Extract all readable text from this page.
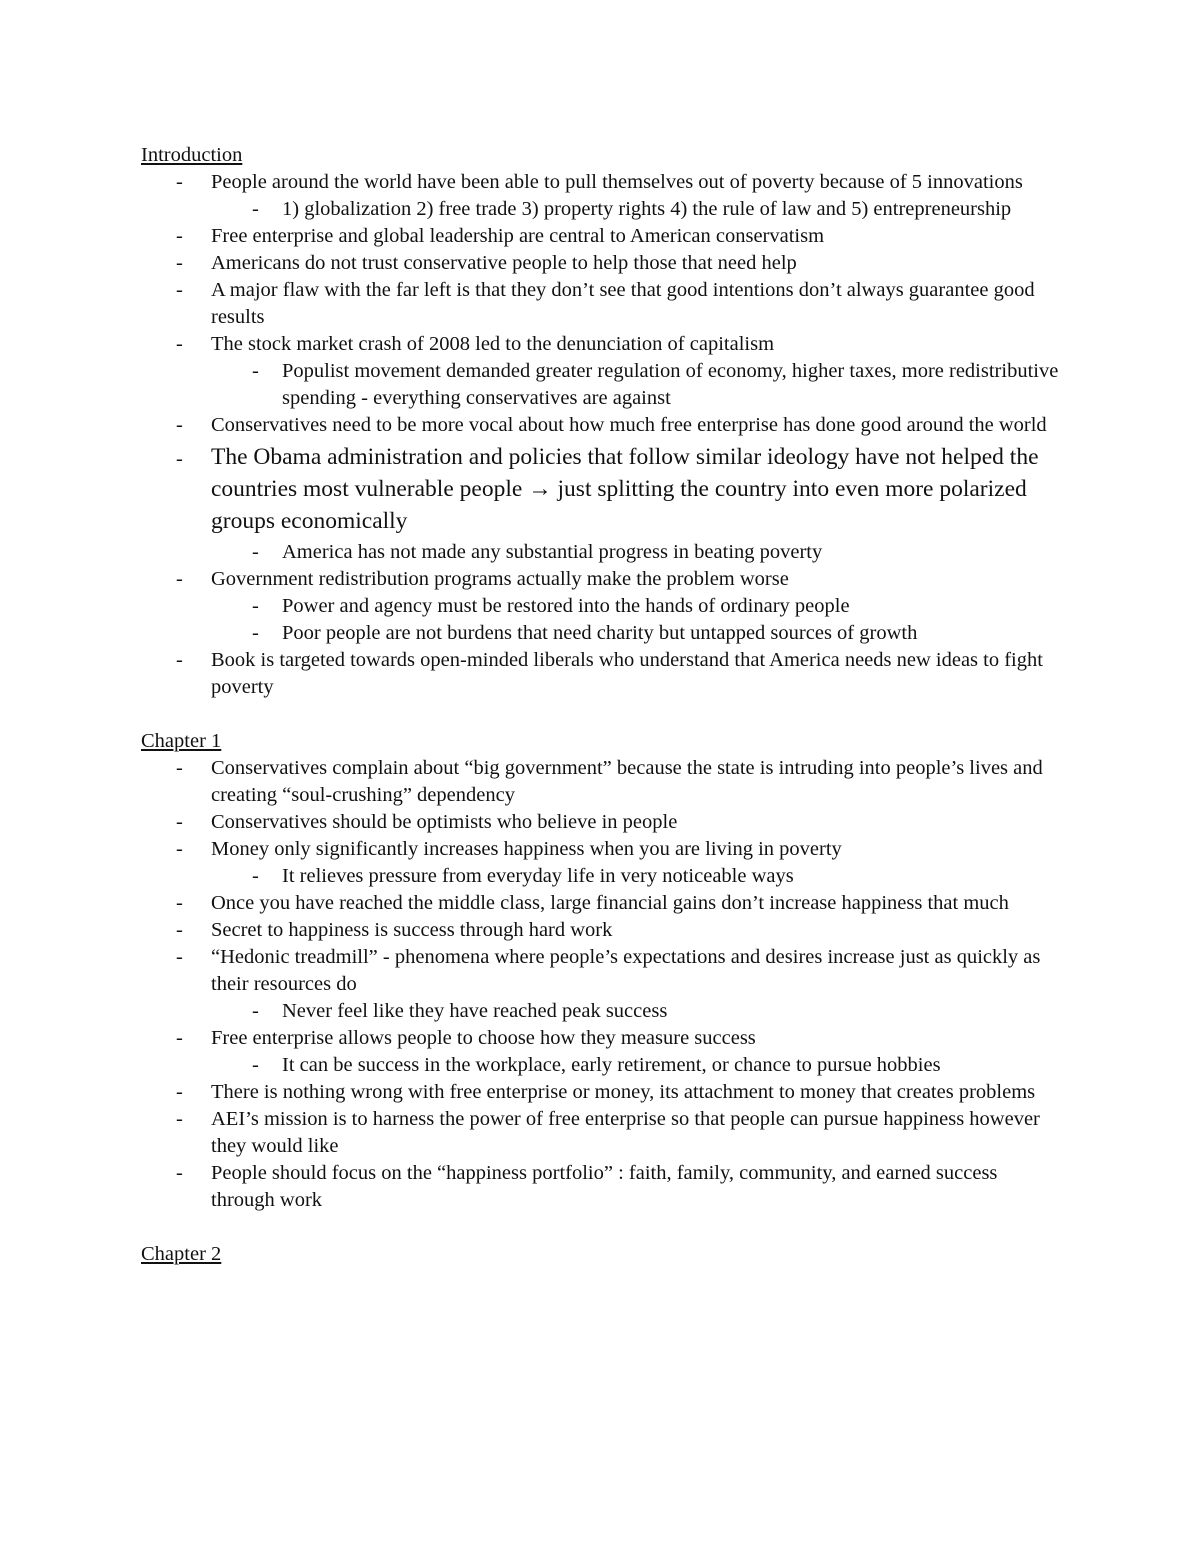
Introduction
- People around the world have been able to pull themselves out of poverty because of 5 innovations
- 1) globalization 2) free trade 3) property rights 4) the rule of law and 5) entrepreneurship
- Free enterprise and global leadership are central to American conservatism
- Americans do not trust conservative people to help those that need help
- A major flaw with the far left is that they don’t see that good intentions don’t always guarantee good results
- The stock market crash of 2008 led to the denunciation of capitalism
- Populist movement demanded greater regulation of economy, higher taxes, more redistributive spending - everything conservatives are against
- Conservatives need to be more vocal about how much free enterprise has done good around the world
- The Obama administration and policies that follow similar ideology have not helped the countries most vulnerable people → just splitting the country into even more polarized groups economically
- America has not made any substantial progress in beating poverty
- Government redistribution programs actually make the problem worse
- Power and agency must be restored into the hands of ordinary people
- Poor people are not burdens that need charity but untapped sources of growth
- Book is targeted towards open-minded liberals who understand that America needs new ideas to fight poverty
Chapter 1
- Conservatives complain about “big government” because the state is intruding into people’s lives and creating “soul-crushing” dependency
- Conservatives should be optimists who believe in people
- Money only significantly increases happiness when you are living in poverty
- It relieves pressure from everyday life in very noticeable ways
- Once you have reached the middle class, large financial gains don’t increase happiness that much
- Secret to happiness is success through hard work
- “Hedonic treadmill” - phenomena where people’s expectations and desires increase just as quickly as their resources do
- Never feel like they have reached peak success
- Free enterprise allows people to choose how they measure success
- It can be success in the workplace, early retirement, or chance to pursue hobbies
- There is nothing wrong with free enterprise or money, its attachment to money that creates problems
- AEI’s mission is to harness the power of free enterprise so that people can pursue happiness however they would like
- People should focus on the “happiness portfolio” : faith, family, community, and earned success through work
Chapter 2
